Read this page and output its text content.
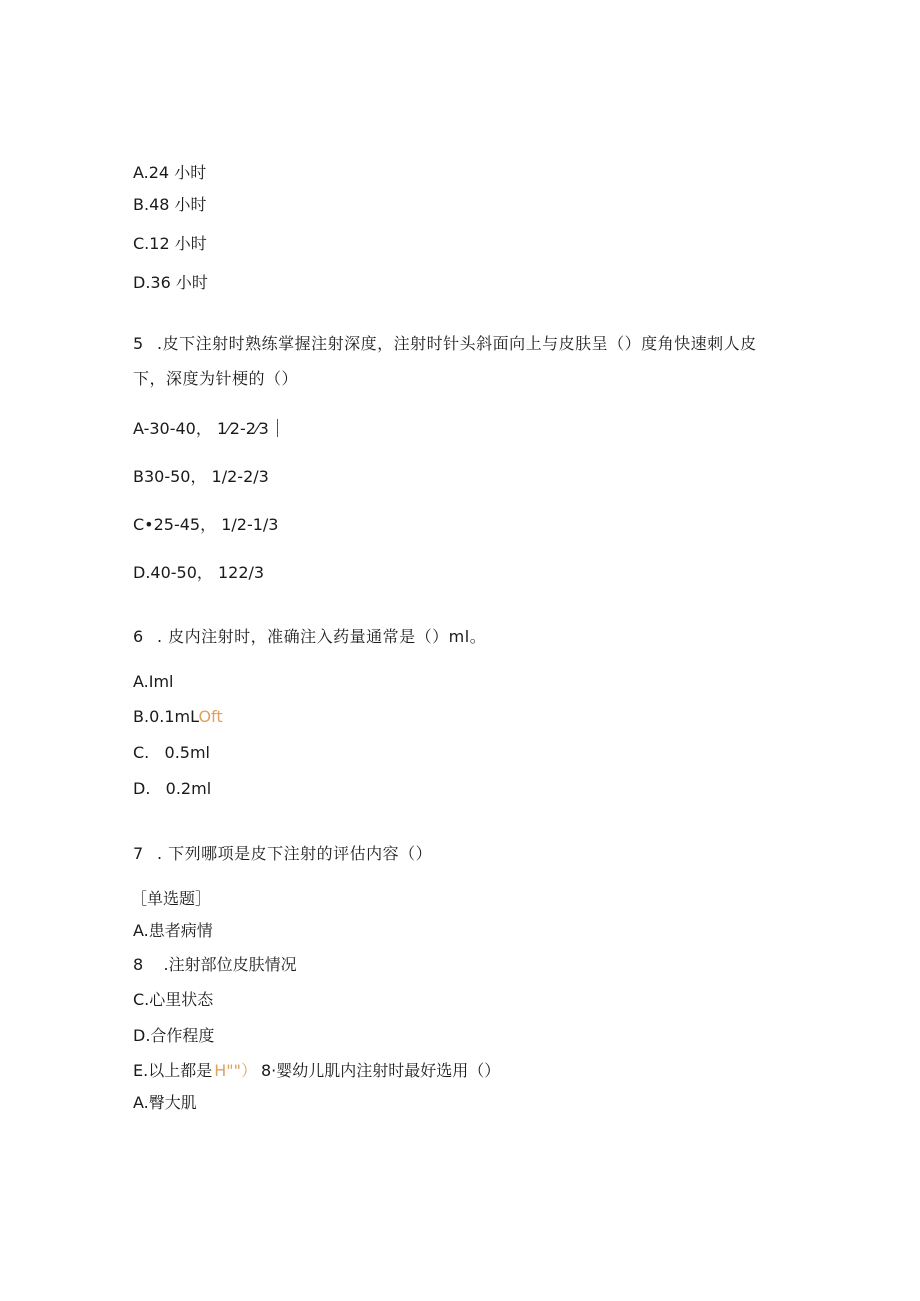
A.24 小时
B.48 小时
C.12 小时
D.36 小时
5 .皮下注射时熟练掌握注射深度，注射时针头斜面向上与皮肤呈（）度角快速刺人皮
下，深度为针梗的（）
A-30-40， 1⁄2-2⁄3
B30-50， 1/2-2/3
C•25-45， 1/2-1/3
D.40-50， 122/3
6 . 皮内注射时，准确注入药量通常是（）ml。
A.Iml
B.0.1mLOft
C.   0.5ml
D.   0.2ml
7 . 下列哪项是皮下注射的评估内容（）
［单选题］
A.患者病情
8    .注射部位皮肤情况
C.心里状态
D.合作程度
E.以上都是 H""） 8·婴幼儿肌内注射时最好选用（）
A.臀大肌
